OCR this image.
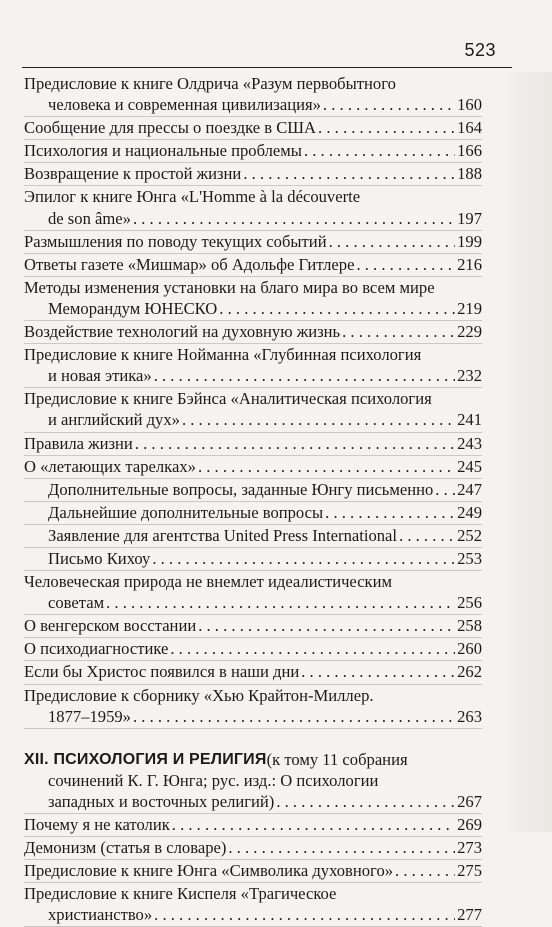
523
Предисловие к книге Олдрича «Разум первобытного
человека и современная цивилизация» . . .	160
Сообщение для прессы о поездке в США . . .	164
Психология и национальные проблемы . . .	166
Возвращение к простой жизни . . .	188
Эпилог к книге Юнга «L'Homme à la découverte
de son âme» . . .	197
Размышления по поводу текущих событий . . .	199
Ответы газете «Мишмар» об Адольфе Гитлере . . .	216
Методы изменения установки на благо мира во всем мире
Меморандум ЮНЕСКО . . .	219
Воздействие технологий на духовную жизнь . . .	229
Предисловие к книге Нойманна «Глубинная психология
и новая этика» . . .	232
Предисловие к книге Бэйнса «Аналитическая психология
и английский дух» . . .	241
Правила жизни . . .	243
О «летающих тарелках» . . .	245
Дополнительные вопросы, заданные Юнгу письменно . . . 247
Дальнейшие дополнительные вопросы . . .	249
Заявление для агентства United Press International . . .	252
Письмо Кихоу . . .	253
Человеческая природа не внемлет идеалистическим
советам . . .	256
О венгерском восстании . . .	258
О психодиагностике . . .	260
Если бы Христос появился в наши дни . . .	262
Предисловие к сборнику «Хью Крайтон-Миллер.
1877–1959» . . .	263
XII. ПСИХОЛОГИЯ И РЕЛИГИЯ (к тому 11 собрания
сочинений К. Г. Юнга; рус. изд.: О психологии
западных и восточных религий) . . .	267
Почему я не католик . . .	269
Демонизм (статья в словаре) . . .	273
Предисловие к книге Юнга «Символика духовного» . . .	275
Предисловие к книге Киспеля «Трагическое
христианство» . . .	277
